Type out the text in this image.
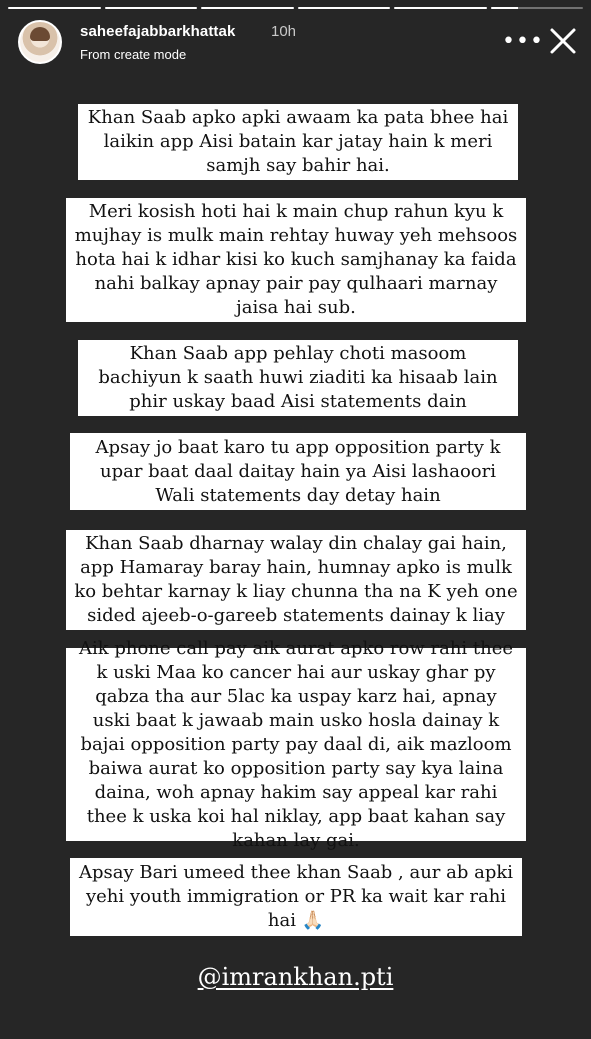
saheefajabbarkhattak 10h
From create mode
•••
Khan Saab apko apki awaam ka pata bhee hai laikin app Aisi batain kar jatay hain k meri samjh say bahir hai.
Meri kosish hoti hai k main chup rahun kyu k mujhay is mulk main rehtay huway yeh mehsoos hota hai k idhar kisi ko kuch samjhanay ka faida nahi balkay apnay pair pay qulhaari marnay jaisa hai sub.
Khan Saab app pehlay choti masoom bachiyun k saath huwi ziaditi ka hisaab lain phir uskay baad Aisi statements dain
Apsay jo baat karo tu app opposition party k upar baat daal daitay hain ya Aisi lashaoori Wali statements day detay hain
Khan Saab dharnay walay din chalay gai hain, app Hamaray baray hain, humnay apko is mulk ko behtar karnay k liay chunna tha na K yeh one sided ajeeb-o-gareeb statements dainay k liay
Aik phone call pay aik aurat apko row rahi thee k uski Maa ko cancer hai aur uskay ghar py qabza tha aur 5lac ka uspay karz hai, apnay uski baat k jawaab main usko hosla dainay k bajai opposition party pay daal di, aik mazloom baiwa aurat ko opposition party say kya laina daina, woh apnay hakim say appeal kar rahi thee k uska koi hal niklay, app baat kahan say kahan lay gai.
Apsay Bari umeed thee khan Saab , aur ab apki yehi youth immigration or PR ka wait kar rahi hai 🙏🏻
@imrankhan.pti
